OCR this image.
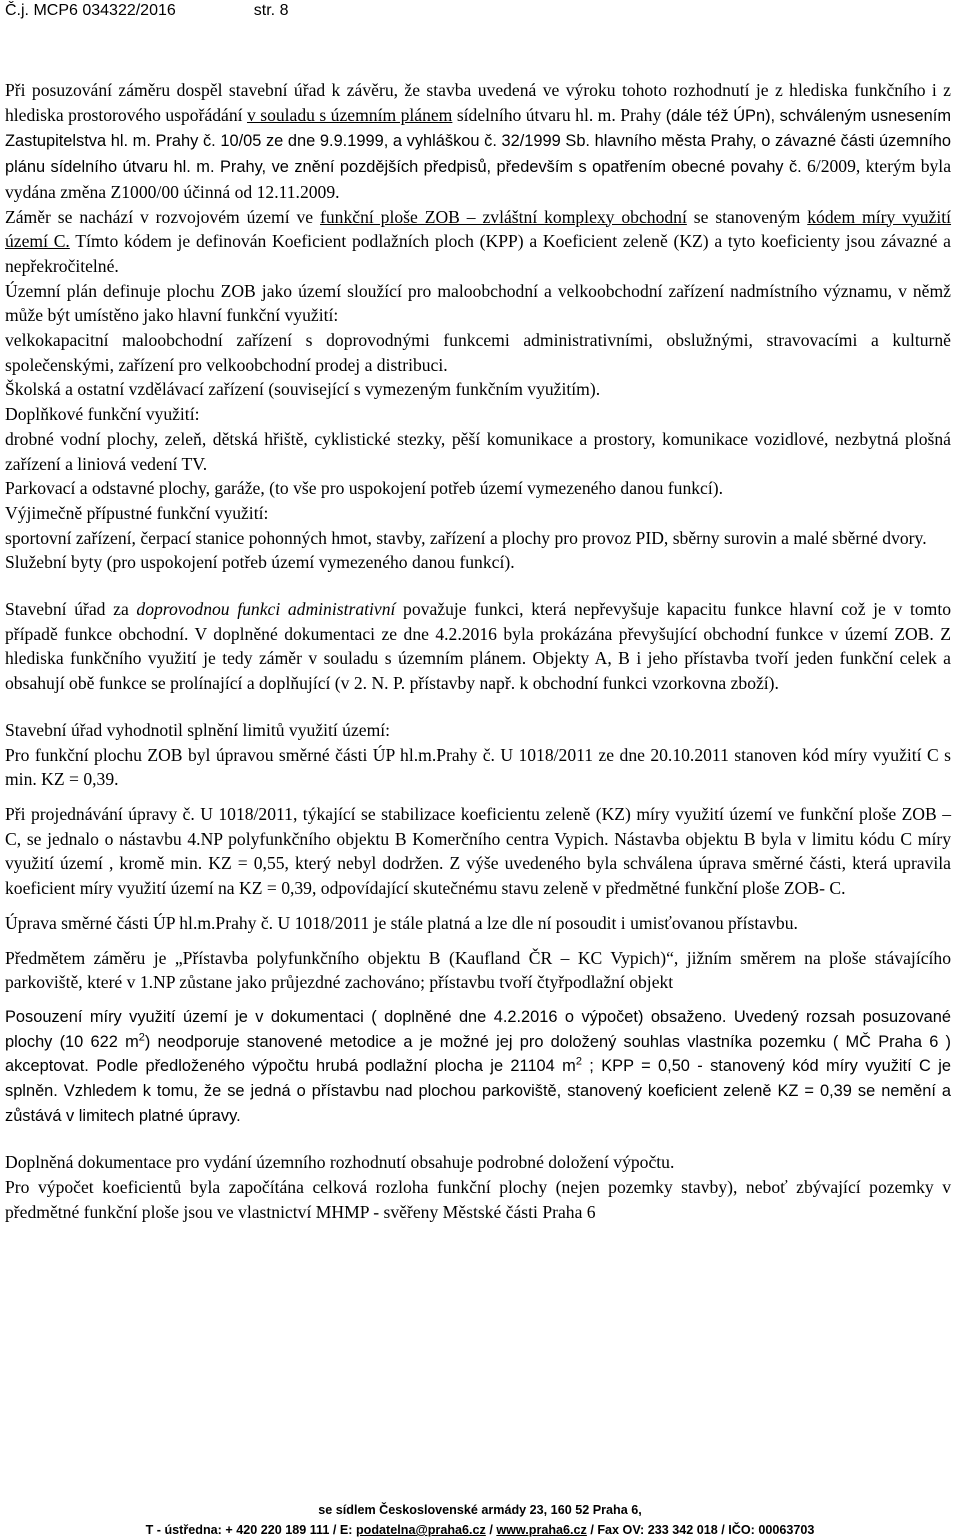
Č.j. MCP6 034322/2016	str. 8

Při posuzování záměru dospěl stavební úřad k závěru, že stavba uvedená ve výroku tohoto rozhodnutí je z hlediska funkčního i z hlediska prostorového uspořádání v souladu s územním plánem sídelního útvaru hl. m. Prahy (dále též ÚPn), schváleným usnesením Zastupitelstva hl. m. Prahy č. 10/05 ze dne 9.9.1999, a vyhláškou č. 32/1999 Sb. hlavního města Prahy, o závazné části územního plánu sídelního útvaru hl. m. Prahy, ve znění pozdějších předpisů, především s opatřením obecné povahy č. 6/2009, kterým byla vydána změna Z1000/00 účinná od 12.11.2009.

Záměr se nachází v rozvojovém území ve funkční ploše ZOB – zvláštní komplexy obchodní se stanoveným kódem míry využití území C. Tímto kódem je definován Koeficient podlažních ploch (KPP) a Koeficient zeleně (KZ) a tyto koeficienty jsou závazné a nepřekročitelné.

Územní plán definuje plochu ZOB jako území sloužící pro maloobchodní a velkoobchodní zařízení nadmístního významu, v němž může být umístěno jako hlavní funkční využití:

velkokapacitní maloobchodní zařízení s doprovodnými funkcemi administrativními, obslužnými, stravovacími a kulturně společenskými, zařízení pro velkoobchodní prodej a distribuci.

Školská a ostatní vzdělávací zařízení (související s vymezeným funkčním využitím).

Doplňkové funkční využití:

drobné vodní plochy, zeleň, dětská hřiště, cyklistické stezky, pěší komunikace a prostory, komunikace vozidlové, nezbytná plošná zařízení a liniová vedení TV.

Parkovací a odstavné plochy, garáže, (to vše pro uspokojení potřeb území vymezeného danou funkcí).

Výjimečně přípustné funkční využití:

sportovní zařízení, čerpací stanice pohonných hmot, stavby, zařízení a plochy pro provoz PID, sběrny surovin a malé sběrné dvory.

Služební byty (pro uspokojení potřeb území vymezeného danou funkcí).

Stavební úřad za doprovodnou funkci administrativní považuje funkci, která nepřevyšuje kapacitu funkce hlavní což je v tomto případě funkce obchodní. V doplněné dokumentaci ze dne 4.2.2016 byla prokázána převyšující obchodní funkce v území ZOB. Z hlediska funkčního využití je tedy záměr v souladu s územním plánem. Objekty A, B i jeho přístavba tvoří jeden funkční celek a obsahují obě funkce se prolínající a doplňující (v 2. N. P. přístavby např. k obchodní funkci vzorkovna zboží).

Stavební úřad vyhodnotil splnění limitů využití území:

Pro funkční plochu ZOB byl úpravou směrné části ÚP hl.m.Prahy č. U 1018/2011 ze dne 20.10.2011 stanoven kód míry využití C s min. KZ = 0,39.

Při projednávání úpravy č. U 1018/2011, týkající se stabilizace koeficientu zeleně (KZ) míry využití území ve funkční ploše ZOB – C, se jednalo o nástavbu 4.NP polyfunkčního objektu B Komerčního centra Vypich. Nástavba objektu B byla v limitu kódu C míry využití území , kromě min. KZ = 0,55, který nebyl dodržen. Z výše uvedeného byla schválena úprava směrné části, která upravila koeficient míry využití území na KZ = 0,39, odpovídající skutečnému stavu zeleně v předmětné funkční ploše ZOB- C.

Úprava směrné části ÚP hl.m.Prahy č. U 1018/2011 je stále platná a lze dle ní posoudit i umisťovanou přístavbu.

Předmětem záměru je „Přístavba polyfunkčního objektu B (Kaufland ČR – KC Vypich)“, jižním směrem na ploše stávajícího parkoviště, které v 1.NP zůstane jako průjezdné zachováno; přístavbu tvoří čtyřpodlažní objekt

Posouzení míry využití území je v dokumentaci ( doplněné dne 4.2.2016 o výpočet) obsaženo. Uvedený rozsah posuzované plochy (10 622 $m^2$) neodporuje stanovené metodice a je možné jej pro doložený souhlas vlastníka pozemku ( MČ Praha 6 ) akceptovat. Podle předloženého výpočtu hrubá podlažní plocha je 21104 $m^2$ ; KPP = 0,50 - stanovený kód míry využití C je splněn. Vzhledem k tomu, že se jedná o přístavbu nad plochou parkoviště, stanovený koeficient zeleně KZ = 0,39 se nemění a zůstává v limitech platné úpravy.

Doplněná dokumentace pro vydání územního rozhodnutí obsahuje podrobné doložení výpočtu.

Pro výpočet koeficientů byla započítána celková rozloha funkční plochy (nejen pozemky stavby), neboť zbývající pozemky v předmětné funkční ploše jsou ve vlastnictví MHMP - svěřeny Městské části Praha 6

se sídlem Československé armády 23, 160 52 Praha 6,
T - ústředna: + 420 220 189 111 / E: podatelna@praha6.cz / www.praha6.cz / Fax OV: 233 342 018 / IČO: 00063703
